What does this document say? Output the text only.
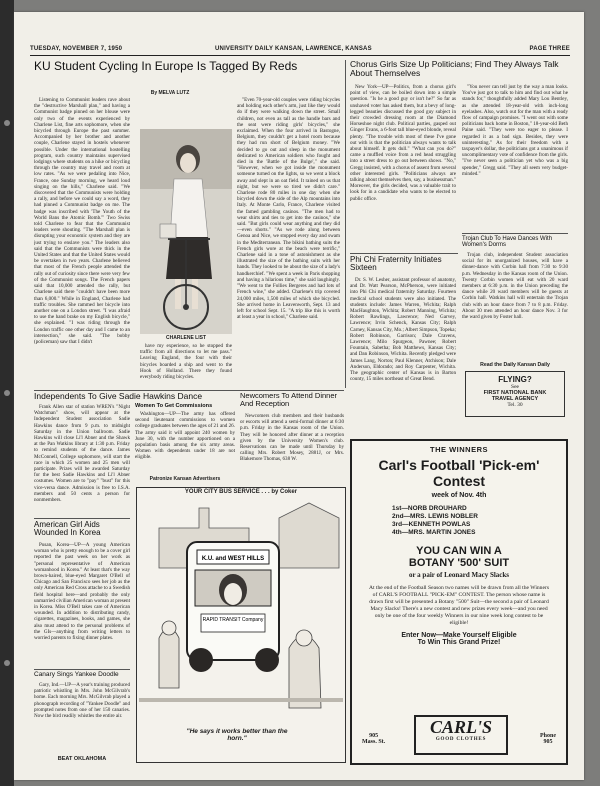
TUESDAY, NOVEMBER 7, 1950	UNIVERSITY DAILY KANSAN, LAWRENCE, KANSAS	PAGE THREE
KU Student Cycling In Europe Is Tagged By Reds
By MELVA LUTZ

Listening to Communist leaders rave about the "destructive Marshall plan," and having a Communist badge pinned on her blouse were only two of the events experienced by Charlene List, fine arts sophomore, when she bicycled through Europe the past summer. Accompanied by her brother and another couple, Charlene stayed in hostels whenever possible. Under the international hostelling program, such country maintains supervised lodgings where students on a hike or bicycling through the country may travel and room at low rates. "As we were pedaling into Nice, France, one Sunday morning, we heard loud singing on the hills," Charlene said. "We discovered that the Communists were holding a rally, and before we could say a word, they had pinned a Communist badge on me. The badge was inscribed with 'The Youth of the World Bans the Atomic Bomb.'" Two Swiss told Charlene to fear that the Communist leaders were shouting. "The Marshall plan is disrupting your economic system and they are just trying to enslave you." The leaders also said that the Communists were thick in the United States and that the United States would be overtaken in two years. Charlene believed that most of the French people attended the rally out of curiosity since there were very few of the Communist songs. The French papers said that 10,000 attended the rally, but Charlene said there "couldn't have been more than 6,000." While in England, Charlene had traffic troubles. She rammed her bicycle into another one on a London street. "I was afraid to use the hand brake on my English bicycle," she explained. "I was riding through the London traffic one other day and I came to an intersection," she said. "The bobby (policeman) saw that I didn't

CHARLENE LIST

have my experience, so he stopped the traffic from all directions to let me pass." Leaving England, the four with their bicycles boarded a ship and went to the Hook of Holland. There they found everybody riding bicycles.

"Even 70-year-old couples were riding bicycles and holding each other's arm, just like they would do if they were walking down the street. Small children, not even as tall as the handle bars and the seat were riding girls' bicycles," she exclaimed. When the four arrived in Bastogne, Belgium, they couldn't get a hotel room because they had run short of Belgium money. "We decided to go out and sleep in the monument dedicated to American soldiers who fought and died in the 'Battle of the Bulge'," she said. "However, when we got inside the monument someone turned on the lights, so we went a block away and slept in an oat field. It rained on us that night, but we were so tired we didn't care." Charlene rode 80 miles in one day when she bicycled down the side of the Alp mountains into Italy. At Monte Carlo, France, Charlene visited the famed gambling casinos. "The men had to wear shirts and ties to get into the casinos," she said. "But girls could wear anything and they did—even shorts." "As we rode along between Genoa and Nice, we stopped every day and swam in the Mediterranean. The bikini bathing suits the French girls wore at the beach were terrific," Charlene said in a tone of astonishment as she illustrated the size of the bathing suits with her hands. They looked to be about the size of a lady's handkerchief. "We spent a week in Paris shopping and having a hilarious time," she said laughingly. "We went to the Follies Bergeres and had lots of French wine," she added. Charlene's trip covered 24,000 miles, 1,500 miles of which she bicycled. She arrived home in Leavenworth, Sept. 13 and left for school Sept. 15. "A trip like this is worth at least a year in school," Charlene said.

Chorus Girls Size Up Politicians; Find They Always Talk About Themselves

New York—UP—Politics, from a chorus girl's point of view, can be boiled down into a simple question. "Is he a good guy or isn't he?" So far as unshaved voter has asked them, but a bevy of long-legged beauties discussed the good guy subject in their crowded dressing room at the Diamond Horseshoe night club. Political parties, gasped out Ginger Evans, a 6-foot tall blue-eyed blonde, reveal plenty. "The trouble with most of these I've gone out with is that the politician always wants to talk about himself. It gets dull." "What can you do?" came a muffled voice from a red head struggling into a street dress to go out between shows. "No," Gregg insisted, with a chorus of assent from several other interested girls. "Politicians always are talking about themselves then, say, a businessman." Moreover, the girls decided, was a valuable trait to look for in a candidate who wants to be elected to public office.

"You never can tell just by the way a man looks. You've just got to talk to him and find out what he stands for," thoughtfully added Mary Lou Bentley, as she attended 18-year-old with inch-long eyelashes. Also, watch out for the man with a ready flow of campaign promises. "I went out with some politicians back home in Boston," 18-year-old Beth Paine said. "They were too eager to please. I regarded it as a bad sign. Besides, they were uninteresting." As for their freedom with a taxpayer's dollar, the politicians got a unanimous if uncomplimentary vote of confidence from the girls. "I've never seen a politician yet who was a big spender," Gregg said. "They all seem very budget-minded."

Phi Chi Fraternity Initiates Sixteen

Dr. S. W. Lesher, assistant professor of anatomy, and Dr. Watt Pearson, McPherson, were initiated into Phi Chi medical fraternity Saturday. Fourteen medical school students were also initiated. The students include: James Warren, Wichita; Ralph MacHaughton, Wichita; Robert Manning, Wichita; Robert Rawlings, Lawrence; Ned Garvey, Lawrence; Irvin Schenck, Kansas City; Ralph Carney, Kansas City, Mo.; Albert Simpson, Topeka; Robert Robinson, Garrison; Dale Cravens, Lawrence; Milo Spurgeon, Pawnee; Robert Fountain, Sabetha; Bob Matthews, Kansas City; and Dan Robinson, Wichita. Recently pledged were James Lang, Norton; Paul Klenner, Atchison; Dale Anderson, Eldorado; and Roy Carpenter, Wichita. The geographic center of Kansas is in Barton county, 15 miles northeast of Great Bend.

Trojan Club To Have Dances With Women's Dorms

Trojan club, independent Student association social for its unorganized houses, will have a dinner-dance with Corbin hall from 7:30 to 9:30 p.m. Wednesday in the Kansas room of the Union. Twenty Corbin women will eat with 20 ward members at 6:30 p.m. in the Union preceding the dance while 20 ward members will be guests at Corbin hall. Watkins hall will entertain the Trojan club with an hour dance from 7 to 8 p.m. Friday. About 30 men attended an hour dance Nov. 3 for the ward given by Foster hall.

Read the Daily Kansan Daily
FLYING?
See
FIRST NATIONAL BANK
TRAVEL AGENCY
Tel. 30
Independents To Give Sadie Hawkins Dance

Frank Allen star of station WREN's "Night Watchman" show, will appear at the Independent Student association Sadie Hawkins dance from 9 p.m. to midnight Saturday in the Union ballroom. Sadie Hawkins will close Li'l Abner and the Shawk at the Pan Watkins library at 1:30 p.m. Friday to remind students of the dance. James McConnell, College sophomore, will start the race in which 25 women and 25 men will participate. Prizes will be awarded Saturday for the best Sadie Hawkins and Li'l Abner costumes. Women are to "pay" "bust" for this vice-versa dance. Admission is free to I.S.A. members and 50 cents a person for nonmembers.

Women To Get Commissions

Washington—UP—The army has offered second lieutenant commissions to women college graduates between the ages of 21 and 26. The army said it will appoint 240 women by June 30, with the number apportioned on a population basis among the six army areas. Women with dependents under 18 are not eligible.

Patronize Kansan Advertisers
Newcomers To Attend Dinner And Reception

Newcomers club members and their husbands or escorts will attend a semi-formal dinner at 6:30 p.m. Friday in the Kansas room of the Union. They will be honored after dinner at a reception given by the University Women's club. Reservations can be made until Thursday by calling Mrs. Robert Mosey, 2881J, or Mrs. Blakemore Thomas, 638 W.

American Girl Aids Wounded In Korea

Pusan, Korea—UP—A young American woman who is pretty enough to be a cover girl reported the past week on her work as "personal representative of American womanhood in Korea." At least that's the way brown-haired, blue-eyed Margaret O'Bell of Chicago and San Francisco sees her job as the only American Red Cross attache to a Swedish field hospital here—and probably the only unmarried civilian American woman at present in Korea. Miss O'Bell takes care of American wounded. In addition to distributing candy, cigarettes, magazines, books, and games, she also must attend to the personal problems of the GIs—anything from writing letters to worried parents to fixing dinner plates.

Canary Sings Yankee Doodle

Gary, Ind.—UP—A year's training produced patriotic whistling in Mrs. John McGilvrab's home. Each morning Mrs. McGilvrab played a phonograph recording of "Yankee Doodle" and prompted notes from one of her 150 canaries. Now the bird readily whistles the entire air.

BEAT OKLAHOMA
YOUR CITY BUS SERVICE . . . by Coker
K.U. and WEST HILLS
RAPID TRANSIT Company
"He says it works better than the horn."
THE WINNERS
Carl's Football 'Pick-em'
Contest
week of Nov. 4th
1st—NORB DROUHARD
2nd—MRS. LEWIS NOBLER
3rd—KENNETH POWLAS
4th—MRS. MARTIN JONES
YOU CAN WIN A
BOTANY '500' SUIT
or a pair of Leonard Macy Slacks
At the end of the Football Season two names will be drawn from all the Winners of CARL'S FOOTBALL "PICK-EM" CONTEST. The person whose name is drawn first will be presented a Botany "500" Suit—the second a pair of Leonard Macy Slacks! There's a new contest and new prizes every week—and you need only be one of the four weekly Winners in our nine week long contest to be eligible!
Enter Now—Make Yourself Eligible
To Win This Grand Prize!
905
Mass. St.
CARL'S
GOOD CLOTHES
Phone
905
